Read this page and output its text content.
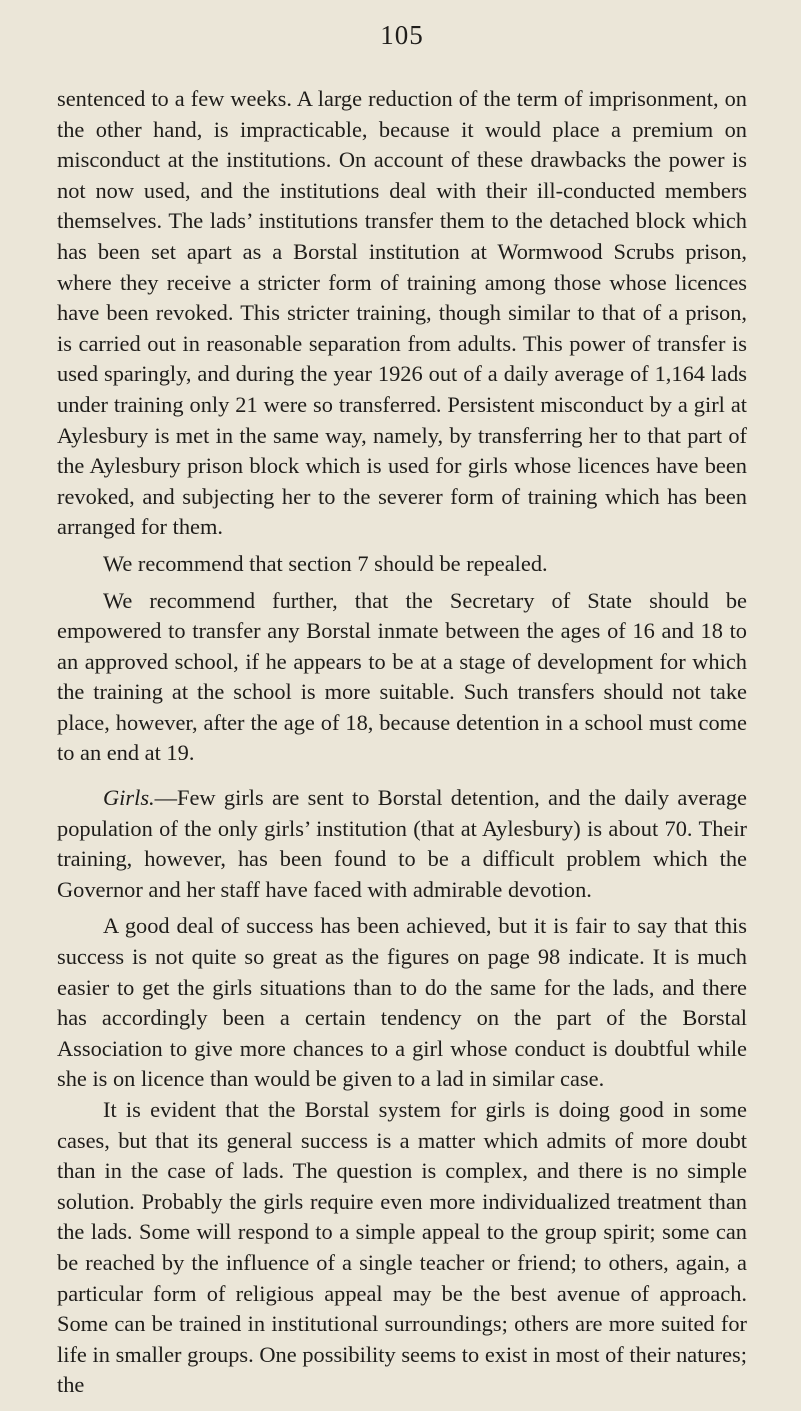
105

sentenced to a few weeks. A large reduction of the term of imprisonment, on the other hand, is impracticable, because it would place a premium on misconduct at the institutions. On account of these drawbacks the power is not now used, and the institutions deal with their ill-conducted members themselves. The lads’ institutions transfer them to the detached block which has been set apart as a Borstal institution at Wormwood Scrubs prison, where they receive a stricter form of training among those whose licences have been revoked. This stricter training, though similar to that of a prison, is carried out in reasonable separation from adults. This power of transfer is used sparingly, and during the year 1926 out of a daily average of 1,164 lads under training only 21 were so transferred. Persistent misconduct by a girl at Aylesbury is met in the same way, namely, by transferring her to that part of the Aylesbury prison block which is used for girls whose licences have been revoked, and subjecting her to the severer form of training which has been arranged for them.

We recommend that section 7 should be repealed.

We recommend further, that the Secretary of State should be empowered to transfer any Borstal inmate between the ages of 16 and 18 to an approved school, if he appears to be at a stage of development for which the training at the school is more suitable. Such transfers should not take place, however, after the age of 18, because detention in a school must come to an end at 19.

Girls.—Few girls are sent to Borstal detention, and the daily average population of the only girls’ institution (that at Aylesbury) is about 70. Their training, however, has been found to be a difficult problem which the Governor and her staff have faced with admirable devotion.

A good deal of success has been achieved, but it is fair to say that this success is not quite so great as the figures on page 98 indicate. It is much easier to get the girls situations than to do the same for the lads, and there has accordingly been a certain tendency on the part of the Borstal Association to give more chances to a girl whose conduct is doubtful while she is on licence than would be given to a lad in similar case.

It is evident that the Borstal system for girls is doing good in some cases, but that its general success is a matter which admits of more doubt than in the case of lads. The question is complex, and there is no simple solution. Probably the girls require even more individualized treatment than the lads. Some will respond to a simple appeal to the group spirit; some can be reached by the influence of a single teacher or friend; to others, again, a particular form of religious appeal may be the best avenue of approach. Some can be trained in institutional surroundings; others are more suited for life in smaller groups. One possibility seems to exist in most of their natures; the
